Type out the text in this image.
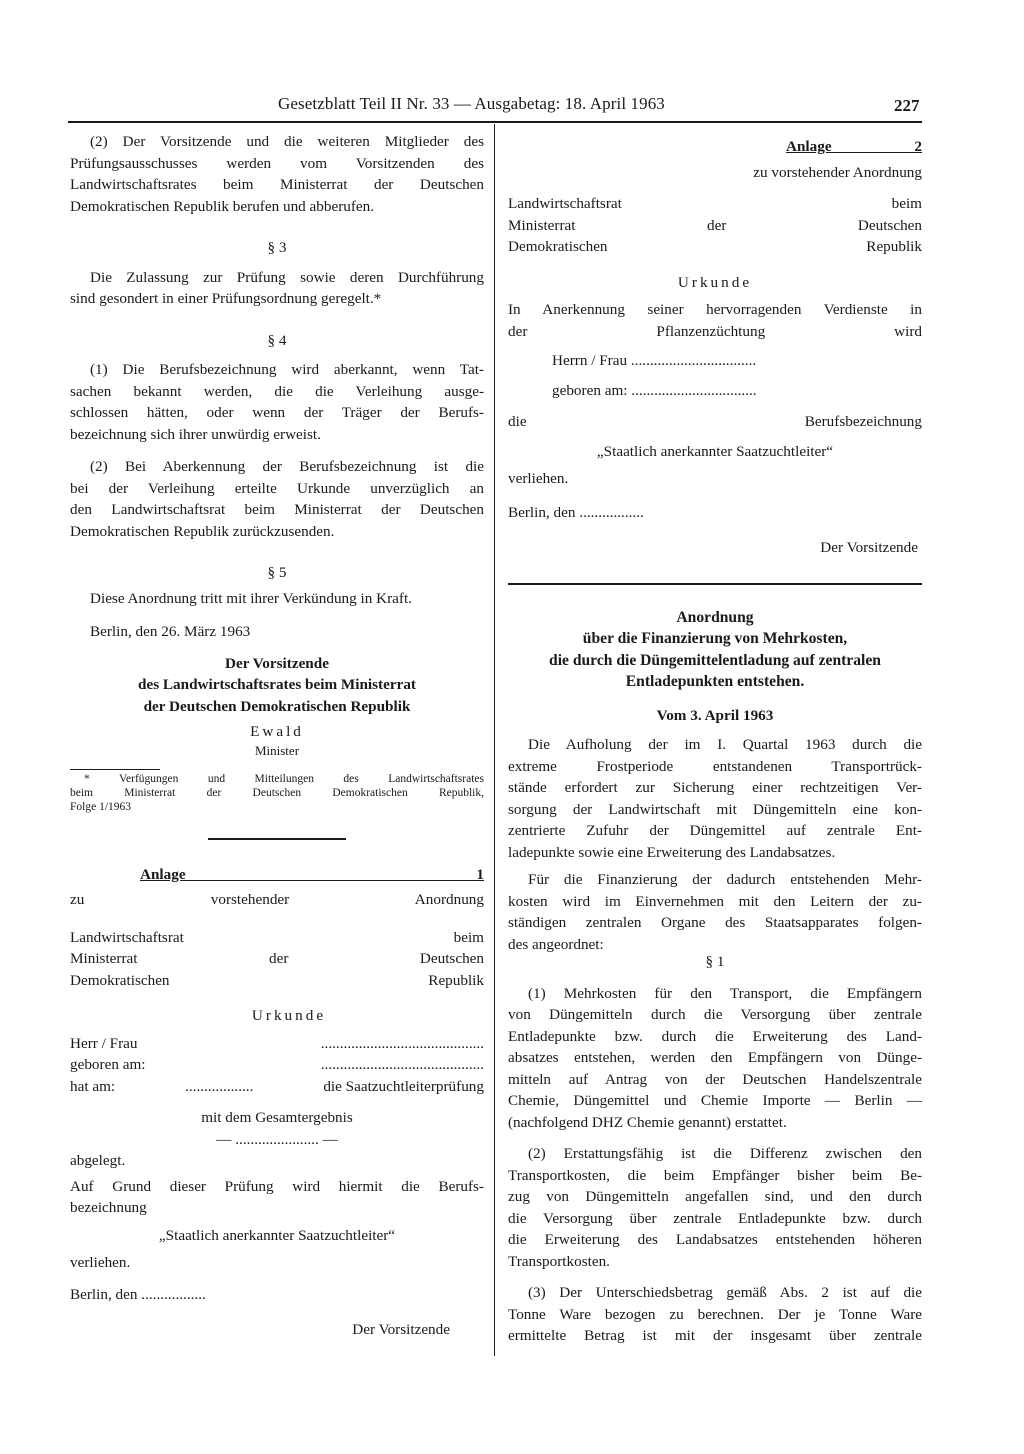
Gesetzblatt Teil II Nr. 33 — Ausgabetag: 18. April 1963	227

(2) Der Vorsitzende und die weiteren Mitglieder des

Prüfungsausschusses werden vom Vorsitzenden des

Landwirtschaftsrates beim Ministerrat der Deutschen

Demokratischen Republik berufen und abberufen.

§ 3

Die Zulassung zur Prüfung sowie deren Durchführung

sind gesondert in einer Prüfungsordnung geregelt.*

§ 4

(1) Die Berufsbezeichnung wird aberkannt, wenn Tat-

sachen bekannt werden, die die Verleihung ausge-

schlossen hätten, oder wenn der Träger der Berufs-

bezeichnung sich ihrer unwürdig erweist.

(2) Bei Aberkennung der Berufsbezeichnung ist die

bei der Verleihung erteilte Urkunde unverzüglich an

den Landwirtschaftsrat beim Ministerrat der Deutschen

Demokratischen Republik zurückzusenden.

§ 5

Diese Anordnung tritt mit ihrer Verkündung in Kraft.

Berlin, den 26. März 1963

Der Vorsitzende

des Landwirtschaftsrates beim Ministerrat

der Deutschen Demokratischen Republik

Ewald

Minister

* Verfügungen und Mitteilungen des Landwirtschaftsrates

beim Ministerrat der Deutschen Demokratischen Republik,

Folge 1/1963

Anlage 1

zu vorstehender Anordnung

Landwirtschaftsrat beim

Ministerrat der Deutschen

Demokratischen Republik

Urkunde

Herr / Frau	...........................................
geboren am:	...........................................
hat am:	..................	die Saatzuchtleiterprüfung

mit dem Gesamtergebnis

— ...................... —

abgelegt.

Auf Grund dieser Prüfung wird hiermit die Berufs-

bezeichnung

„Staatlich anerkannter Saatzuchtleiter“

verliehen.

Berlin, den .................

Der Vorsitzende

Anlage 2

zu vorstehender Anordnung

Landwirtschaftsrat beim

Ministerrat der Deutschen

Demokratischen Republik

Urkunde

In Anerkennung seiner hervorragenden Verdienste in

der Pflanzenzüchtung wird

Herrn / Frau .................................
geboren am: .................................

die Berufsbezeichnung

„Staatlich anerkannter Saatzuchtleiter“

verliehen.

Berlin, den .................

Der Vorsitzende

Anordnung

über die Finanzierung von Mehrkosten,

die durch die Düngemittelentladung auf zentralen

Entladepunkten entstehen.

Vom 3. April 1963

Die Aufholung der im I. Quartal 1963 durch die

extreme Frostperiode entstandenen Transportrück-

stände erfordert zur Sicherung einer rechtzeitigen Ver-

sorgung der Landwirtschaft mit Düngemitteln eine kon-

zentrierte Zufuhr der Düngemittel auf zentrale Ent-

ladepunkte sowie eine Erweiterung des Landabsatzes.

Für die Finanzierung der dadurch entstehenden Mehr-

kosten wird im Einvernehmen mit den Leitern der zu-

ständigen zentralen Organe des Staatsapparates folgen-

des angeordnet:

§ 1

(1) Mehrkosten für den Transport, die Empfängern

von Düngemitteln durch die Versorgung über zentrale

Entladepunkte bzw. durch die Erweiterung des Land-

absatzes entstehen, werden den Empfängern von Dünge-

mitteln auf Antrag von der Deutschen Handelszentrale

Chemie, Düngemittel und Chemie Importe — Berlin —

(nachfolgend DHZ Chemie genannt) erstattet.

(2) Erstattungsfähig ist die Differenz zwischen den

Transportkosten, die beim Empfänger bisher beim Be-

zug von Düngemitteln angefallen sind, und den durch

die Versorgung über zentrale Entladepunkte bzw. durch

die Erweiterung des Landabsatzes entstehenden höheren

Transportkosten.

(3) Der Unterschiedsbetrag gemäß Abs. 2 ist auf die

Tonne Ware bezogen zu berechnen. Der je Tonne Ware

ermittelte Betrag ist mit der insgesamt über zentrale
